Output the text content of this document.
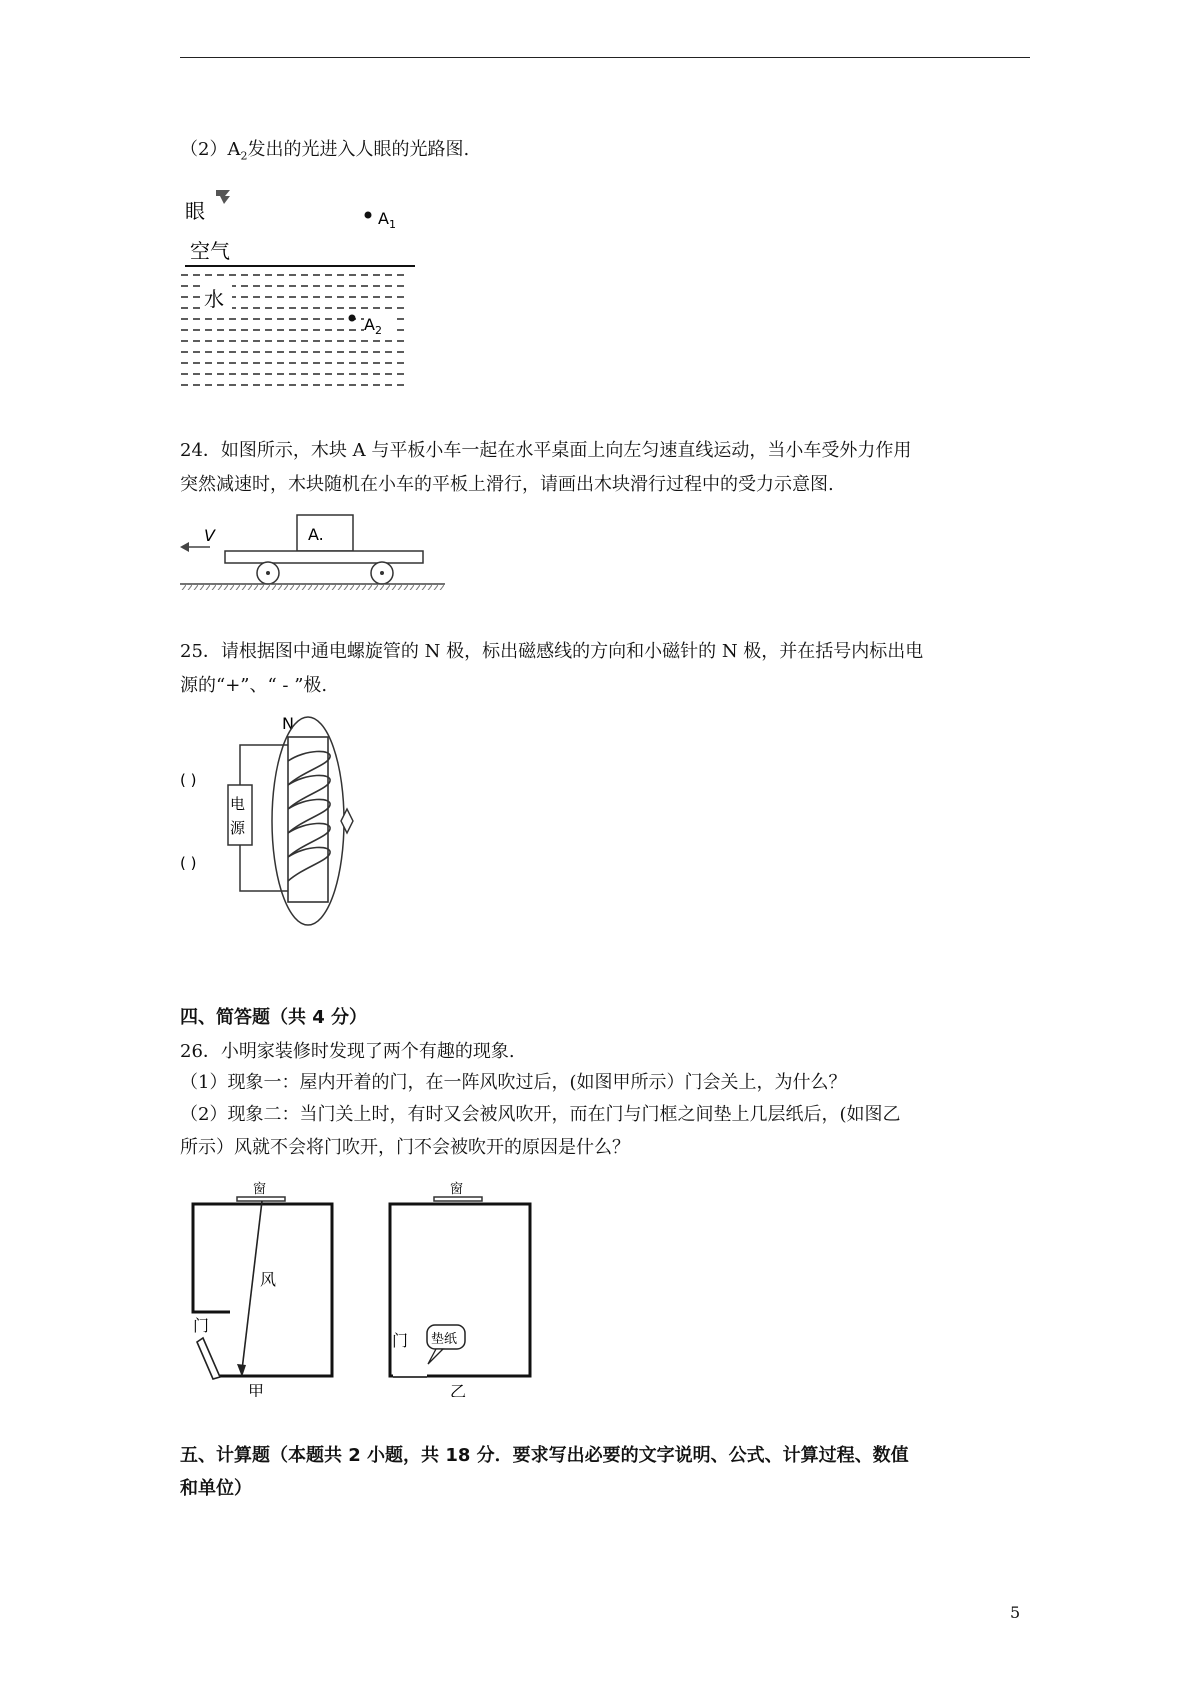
$(2)A_2$发出的光进入人眼的光路图.
眼	$A_1$
空气
水
$A_2$
24．如图所示，木块 A 与平板小车一起在水平桌面上向左匀速直线运动，当小车受外力作用
突然减速时，木块随机在小车的平板上滑行，请画出木块滑行过程中的受力示意图.
A.
V
25．请根据图中通电螺旋管的 N 极，标出磁感线的方向和小磁针的 N 极，并在括号内标出电
源的“+”、“ - ”极.
N
电
源
( )
( )
四、简答题（共 4 分）
26．小明家装修时发现了两个有趣的现象.
（1）现象一：屋内开着的门，在一阵风吹过后，(如图甲所示）门会关上，为什么？
（2）现象二：当门关上时，有时又会被风吹开，而在门与门框之间垫上几层纸后，(如图乙
所示）风就不会将门吹开，门不会被吹开的原因是什么？
窗
风
门
甲
窗
门 垫纸
乙
五、计算题（本题共 2 小题，共 18 分．要求写出必要的文字说明、公式、计算过程、数值
和单位）
5
